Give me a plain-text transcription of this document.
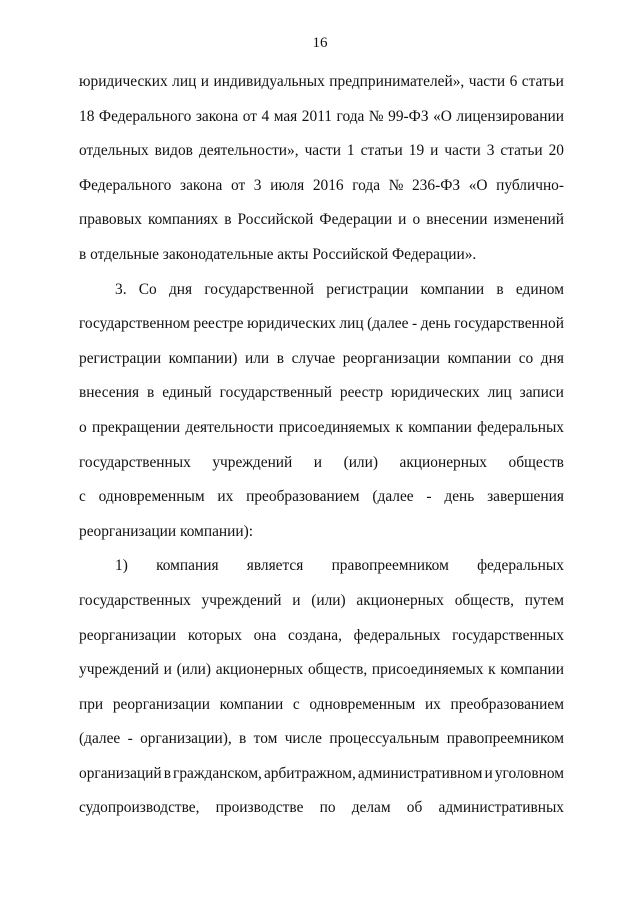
16
юридических лиц и индивидуальных предпринимателей», части 6 статьи
18 Федерального закона от 4 мая 2011 года № 99-ФЗ «О лицензировании
отдельных видов деятельности», части 1 статьи 19 и части 3 статьи 20
Федерального закона от 3 июля 2016 года № 236-ФЗ «О публично-
правовых компаниях в Российской Федерации и о внесении изменений
в отдельные законодательные акты Российской Федерации».
3. Со дня государственной регистрации компании в едином
государственном реестре юридических лиц (далее - день государственной
регистрации компании) или в случае реорганизации компании со дня
внесения в единый государственный реестр юридических лиц записи
о прекращении деятельности присоединяемых к компании федеральных
государственных учреждений и (или) акционерных обществ
с одновременным их преобразованием (далее - день завершения
реорганизации компании):
1) компания является правопреемником федеральных
государственных учреждений и (или) акционерных обществ, путем
реорганизации которых она создана, федеральных государственных
учреждений и (или) акционерных обществ, присоединяемых к компании
при реорганизации компании с одновременным их преобразованием
(далее - организации), в том числе процессуальным правопреемником
организаций в гражданском, арбитражном, административном и уголовном
судопроизводстве, производстве по делам об административных
